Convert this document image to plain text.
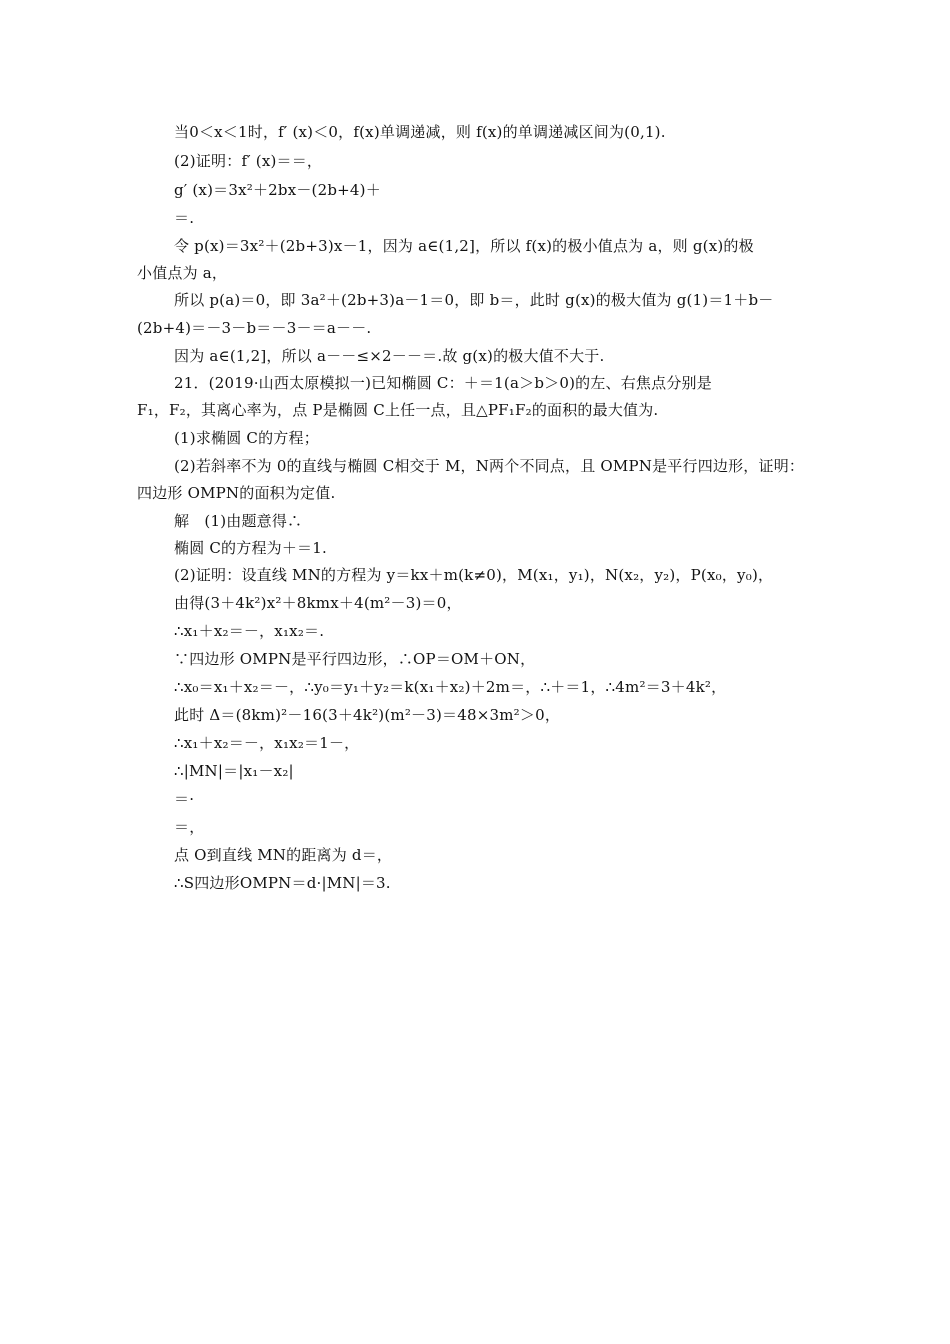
当0＜x＜1时，f′ (x)＜0，f(x)单调递减，则 f(x)的单调递减区间为(0,1).
(2)证明：f′ (x)＝＝，
g′ (x)＝3x²＋2bx－(2b+4)＋
＝.
令 p(x)＝3x²＋(2b+3)x－1，因为 a∈(1,2]，所以 f(x)的极小值点为 a，则 g(x)的极
小值点为 a，
所以 p(a)＝0，即 3a²＋(2b+3)a－1＝0，即 b＝，此时 g(x)的极大值为 g(1)＝1＋b－
(2b+4)＝－3－b＝－3－＝a－－.
因为 a∈(1,2]，所以 a－－≤×2－－＝.故 g(x)的极大值不大于.
21．(2019·山西太原模拟一)已知椭圆 C：＋＝1(a＞b＞0)的左、右焦点分别是
F₁，F₂，其离心率为，点 P是椭圆 C上任一点，且△PF₁F₂的面积的最大值为.
(1)求椭圆 C的方程；
(2)若斜率不为 0的直线与椭圆 C相交于 M，N两个不同点，且 OMPN是平行四边形，证明：
四边形 OMPN的面积为定值.
解　(1)由题意得∴
椭圆 C的方程为＋＝1.
(2)证明：设直线 MN的方程为 y＝kx＋m(k≠0)，M(x₁，y₁)，N(x₂，y₂)，P(x₀，y₀)，
由得(3＋4k²)x²＋8kmx＋4(m²－3)＝0，
∴x₁＋x₂＝－，x₁x₂＝.
∵四边形 OMPN是平行四边形，∴OP＝OM＋ON，
∴x₀＝x₁＋x₂＝－，∴y₀＝y₁＋y₂＝k(x₁＋x₂)＋2m＝，∴＋＝1，∴4m²＝3＋4k²，
此时 Δ＝(8km)²－16(3＋4k²)(m²－3)＝48×3m²＞0，
∴x₁＋x₂＝－，x₁x₂＝1－，
∴|MN|＝|x₁－x₂|
＝·
＝，
点 O到直线 MN的距离为 d＝，
∴S四边形OMPN＝d·|MN|＝3.
